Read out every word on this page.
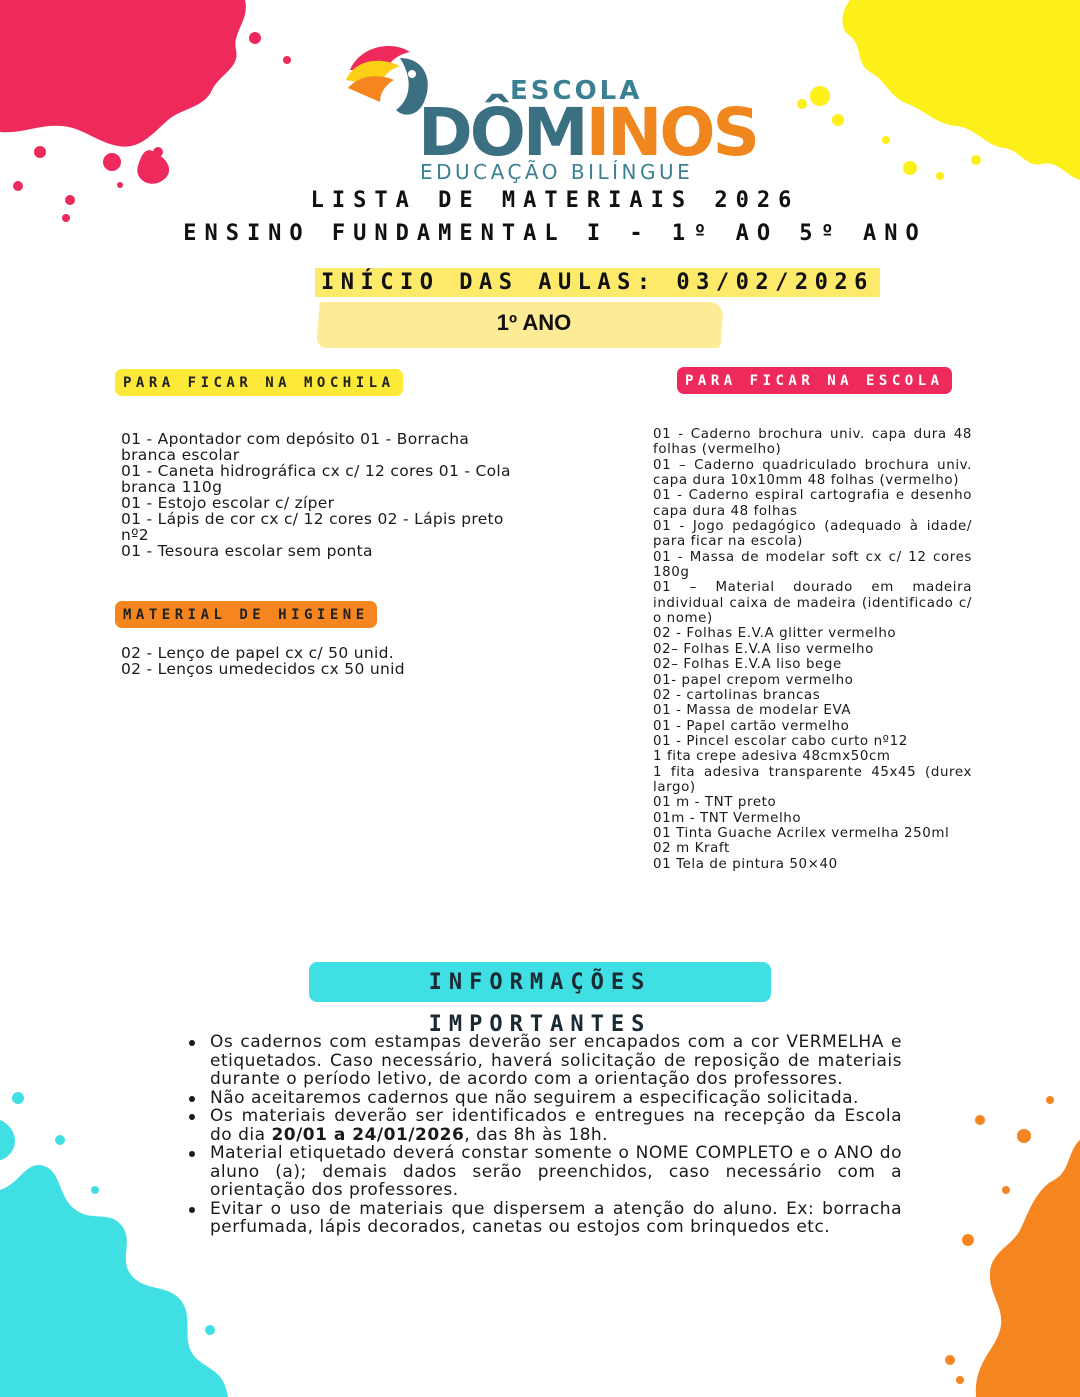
ESCOLA
DÔMINOS
EDUCAÇÃO BILÍNGUE
LISTA DE MATERIAIS 2026
ENSINO FUNDAMENTAL I - 1º AO 5º ANO
INÍCIO DAS AULAS: 03/02/2026
1º ANO
PARA FICAR NA MOCHILA
01 - Apontador com depósito 01 - Borracha branca escolar
01 - Caneta hidrográfica cx c/ 12 cores 01 - Cola branca 110g
01 - Estojo escolar c/ zíper
01 - Lápis de cor cx c/ 12 cores 02 - Lápis preto nº2
01 - Tesoura escolar sem ponta
MATERIAL DE HIGIENE
02 - Lenço de papel cx c/ 50 unid.
02 - Lenços umedecidos cx 50 unid
PARA FICAR NA ESCOLA
01 - Caderno brochura univ. capa dura 48 folhas (vermelho)
01 – Caderno quadriculado brochura univ. capa dura 10x10mm 48 folhas (vermelho)
01 - Caderno espiral cartografia e desenho capa dura 48 folhas
01 - Jogo pedagógico (adequado à idade/ para ficar na escola)
01 - Massa de modelar soft cx c/ 12 cores 180g
01 – Material dourado em madeira individual caixa de madeira (identificado c/ o nome)
02 - Folhas E.V.A glitter vermelho
02– Folhas E.V.A liso vermelho
02– Folhas E.V.A liso bege
01- papel crepom vermelho
02 - cartolinas brancas
01 - Massa de modelar EVA
01 - Papel cartão vermelho
01 - Pincel escolar cabo curto nº12
1 fita crepe adesiva 48cmx50cm
1 fita adesiva transparente 45x45 (durex largo)
01 m - TNT preto
01m - TNT Vermelho
01 Tinta Guache Acrilex vermelha 250ml
02 m Kraft
01 Tela de pintura 50×40
INFORMAÇÕES IMPORTANTES
Os cadernos com estampas deverão ser encapados com a cor VERMELHA e etiquetados. Caso necessário, haverá solicitação de reposição de materiais durante o período letivo, de acordo com a orientação dos professores.
Não aceitaremos cadernos que não seguirem a especificação solicitada.
Os materiais deverão ser identificados e entregues na recepção da Escola do dia 20/01 a 24/01/2026, das 8h às 18h.
Material etiquetado deverá constar somente o NOME COMPLETO e o ANO do aluno (a); demais dados serão preenchidos, caso necessário com a orientação dos professores.
Evitar o uso de materiais que dispersem a atenção do aluno. Ex: borracha perfumada, lápis decorados, canetas ou estojos com brinquedos etc.
